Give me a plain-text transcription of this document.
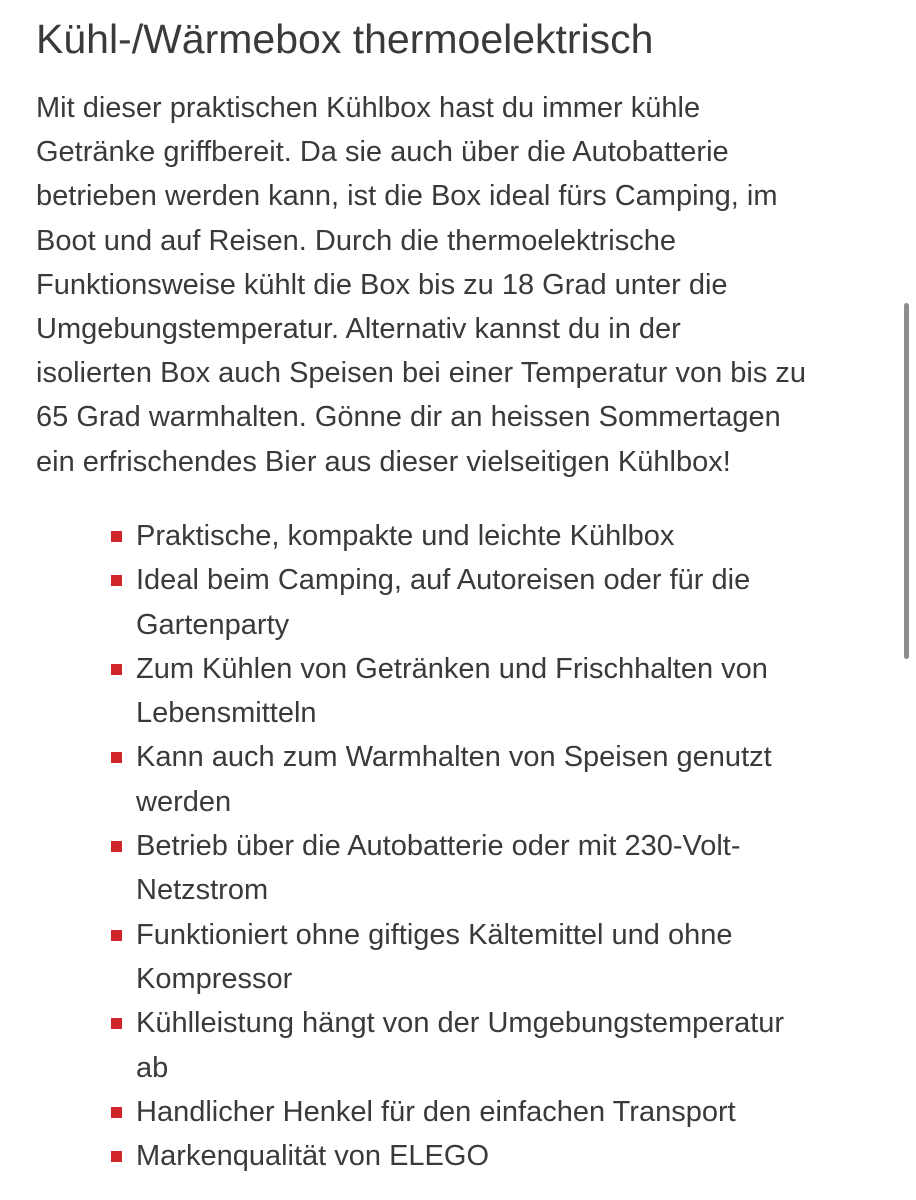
Kühl-/Wärmebox thermoelektrisch

Mit dieser praktischen Kühlbox hast du immer kühle
Getränke griffbereit. Da sie auch über die Autobatterie
betrieben werden kann, ist die Box ideal fürs Camping, im
Boot und auf Reisen. Durch die thermoelektrische
Funktionsweise kühlt die Box bis zu 18 Grad unter die
Umgebungstemperatur. Alternativ kannst du in der
isolierten Box auch Speisen bei einer Temperatur von bis zu
65 Grad warmhalten. Gönne dir an heissen Sommertagen
ein erfrischendes Bier aus dieser vielseitigen Kühlbox!

Praktische, kompakte und leichte Kühlbox
Ideal beim Camping, auf Autoreisen oder für die
Gartenparty
Zum Kühlen von Getränken und Frischhalten von
Lebensmitteln
Kann auch zum Warmhalten von Speisen genutzt
werden
Betrieb über die Autobatterie oder mit 230-Volt-
Netzstrom
Funktioniert ohne giftiges Kältemittel und ohne
Kompressor
Kühlleistung hängt von der Umgebungstemperatur
ab
Handlicher Henkel für den einfachen Transport
Markenqualität von ELEGO
